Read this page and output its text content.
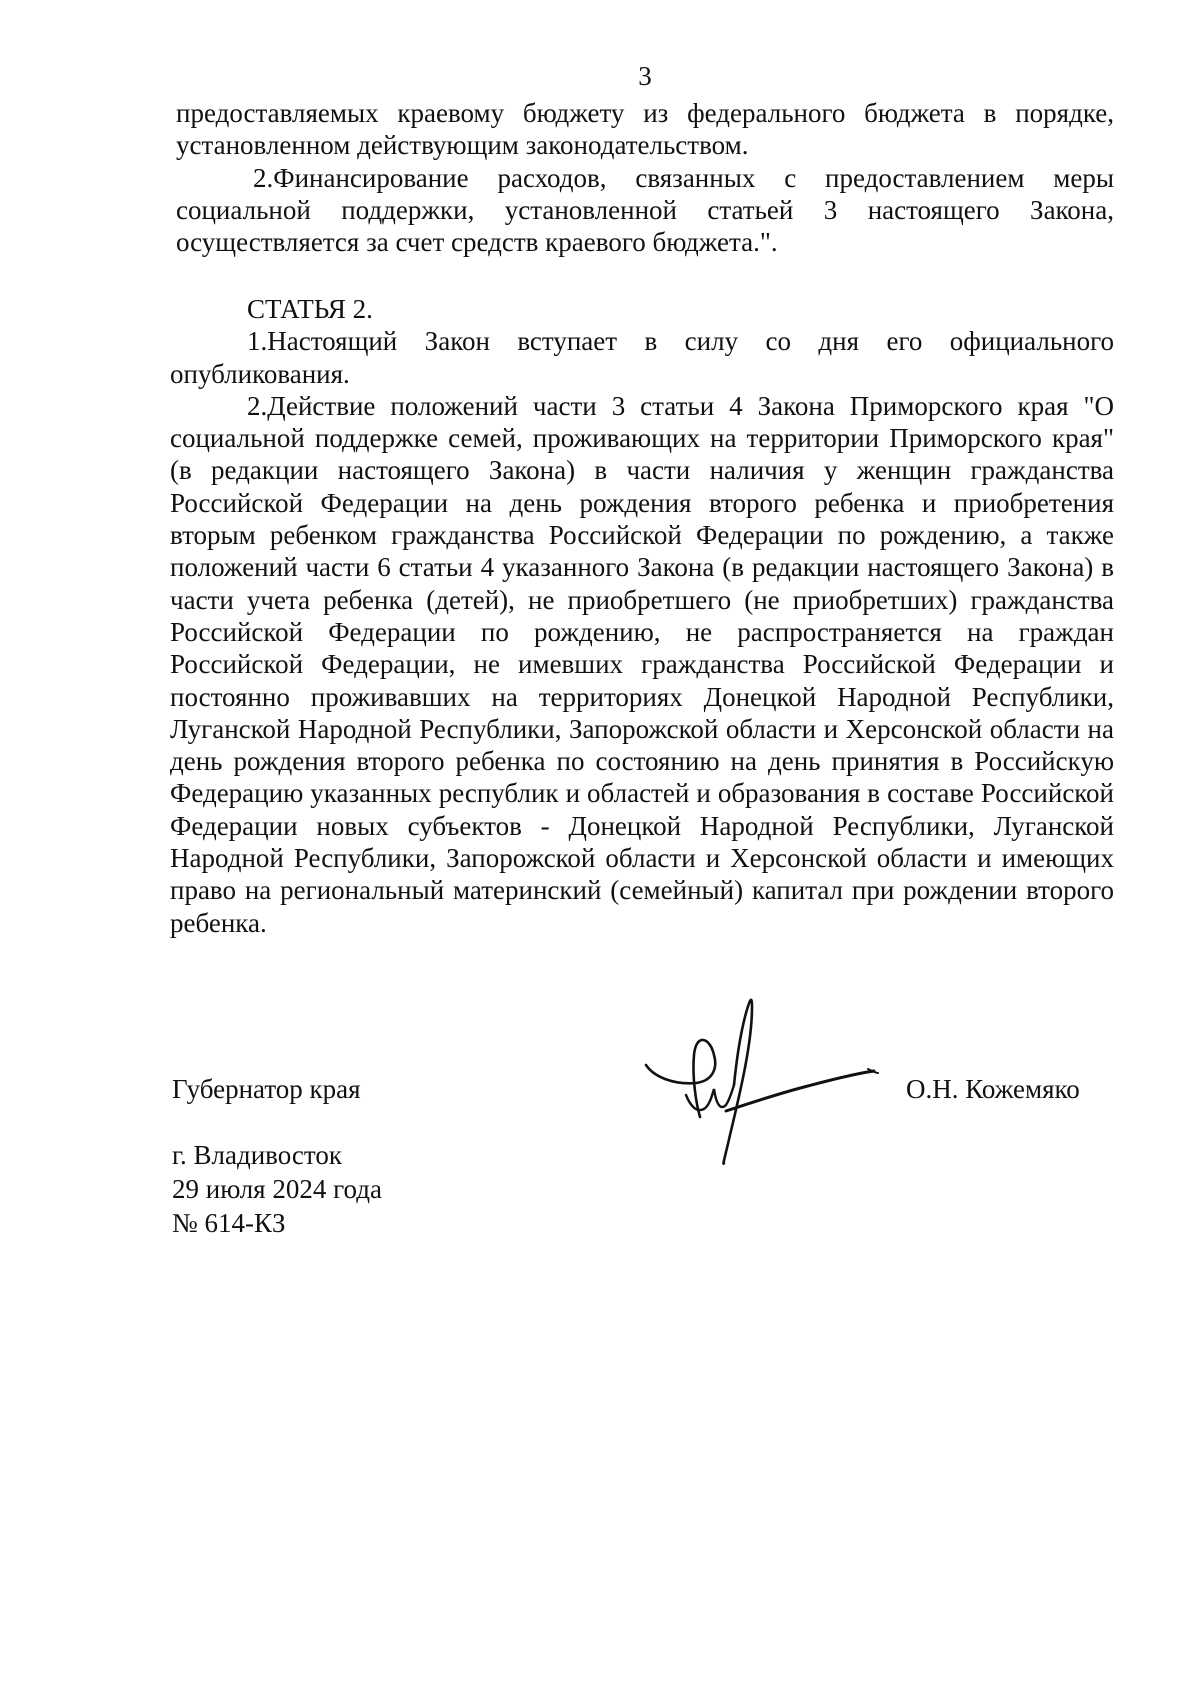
3

предоставляемых краевому бюджету из федерального бюджета в порядке, установленном действующим законодательством.

2.Финансирование расходов, связанных с предоставлением меры социальной поддержки, установленной статьей 3 настоящего Закона, осуществляется за счет средств краевого бюджета.".

СТАТЬЯ 2.

1.Настоящий Закон вступает в силу со дня его официального опубликования.

2.Действие положений части 3 статьи 4 Закона Приморского края "О социальной поддержке семей, проживающих на территории Приморского края" (в редакции настоящего Закона) в части наличия у женщин гражданства Российской Федерации на день рождения второго ребенка и приобретения вторым ребенком гражданства Российской Федерации по рождению, а также положений части 6 статьи 4 указанного Закона (в редакции настоящего Закона) в части учета ребенка (детей), не приобретшего (не приобретших) гражданства Российской Федерации по рождению, не распространяется на граждан Российской Федерации, не имевших гражданства Российской Федерации и постоянно проживавших на территориях Донецкой Народной Республики, Луганской Народной Республики, Запорожской области и Херсонской области на день рождения второго ребенка по состоянию на день принятия в Российскую Федерацию указанных республик и областей и образования в составе Российской Федерации новых субъектов - Донецкой Народной Республики, Луганской Народной Республики, Запорожской области и Херсонской области и имеющих право на региональный материнский (семейный) капитал при рождении второго ребенка.

Губернатор края	О.Н. Кожемяко
г. Владивосток
29 июля 2024 года
№ 614-КЗ
